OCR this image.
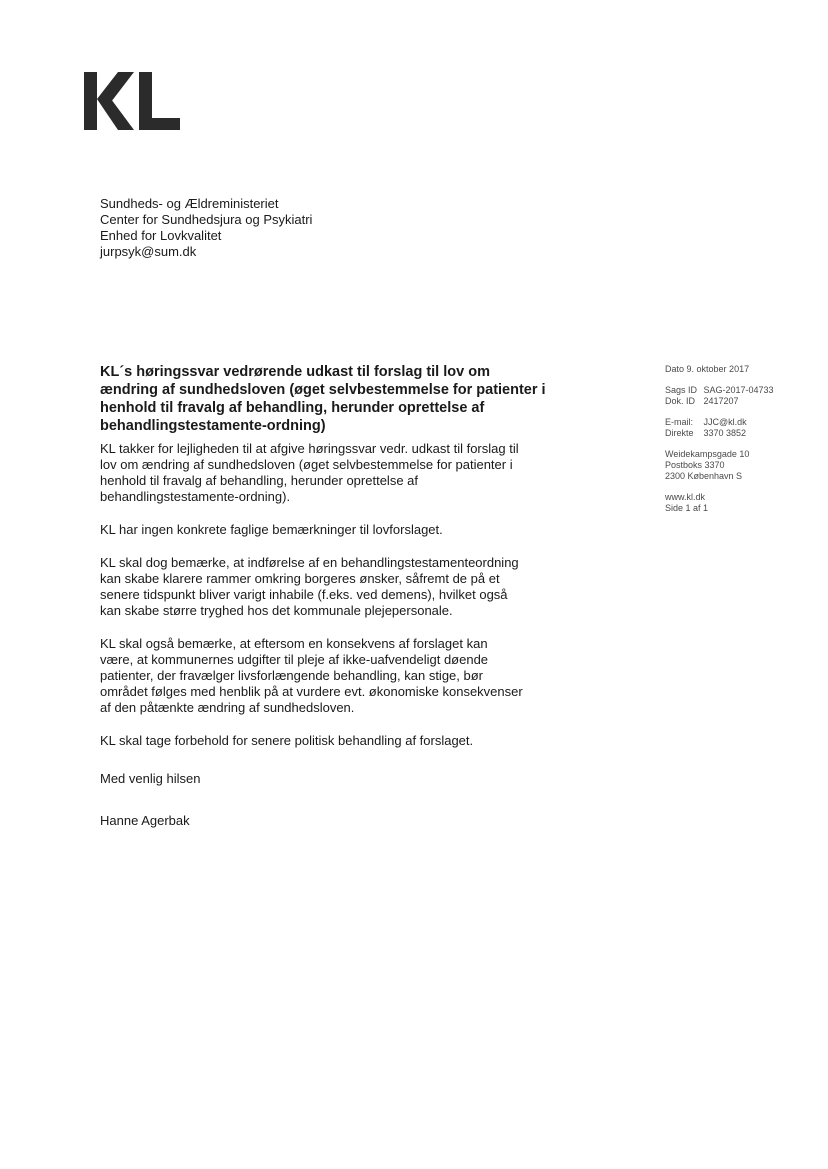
Sundheds- og Ældreministeriet
Center for Sundhedsjura og Psykiatri
Enhed for Lovkvalitet
jurpsyk@sum.dk
KL´s høringssvar vedrørende udkast til forslag til lov om
ændring af sundhedsloven (øget selvbestemmelse for patienter i
henhold til fravalg af behandling, herunder oprettelse af
behandlingstestamente-ordning)
KL takker for lejligheden til at afgive høringssvar vedr. udkast til forslag til
lov om ændring af sundhedsloven (øget selvbestemmelse for patienter i
henhold til fravalg af behandling, herunder oprettelse af
behandlingstestamente-ordning).
KL har ingen konkrete faglige bemærkninger til lovforslaget.
KL skal dog bemærke, at indførelse af en behandlingstestamenteordning
kan skabe klarere rammer omkring borgeres ønsker, såfremt de på et
senere tidspunkt bliver varigt inhabile (f.eks. ved demens), hvilket også
kan skabe større tryghed hos det kommunale plejepersonale.
KL skal også bemærke, at eftersom en konsekvens af forslaget kan
være, at kommunernes udgifter til pleje af ikke-uafvendeligt døende
patienter, der fravælger livsforlængende behandling, kan stige, bør
området følges med henblik på at vurdere evt. økonomiske konsekvenser
af den påtænkte ændring af sundhedsloven.
KL skal tage forbehold for senere politisk behandling af forslaget.
Med venlig hilsen
Hanne Agerbak
Dato 9. oktober 2017
Sags ID SAG-2017-04733
Dok. ID 2417207
E-mail: JJC@kl.dk
Direkte 3370 3852
Weidekampsgade 10
Postboks 3370
2300 København S
www.kl.dk
Side 1 af 1
